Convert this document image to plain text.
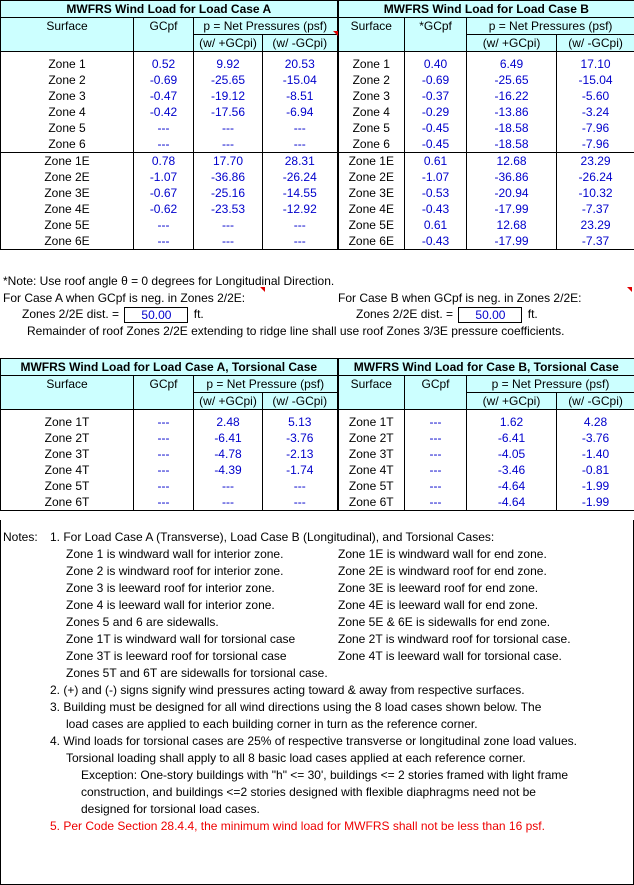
MWFRS Wind Load for Load Case A				MWFRS Wind Load for Load Case B			
Surface	GCpf	p = Net Pressures (psf)		Surface	*GCpf	p = Net Pressures (psf)	
		(w/ +GCpi)	(w/ -GCpi)			(w/ +GCpi)	(w/ -GCpi)

Zone 1	0.52	9.92	20.53	Zone 1	0.40	6.49	17.10
Zone 2	-0.69	-25.65	-15.04	Zone 2	-0.69	-25.65	-15.04
Zone 3	-0.47	-19.12	-8.51	Zone 3	-0.37	-16.22	-5.60
Zone 4	-0.42	-17.56	-6.94	Zone 4	-0.29	-13.86	-3.24
Zone 5	---	---	---	Zone 5	-0.45	-18.58	-7.96
Zone 6	---	---	---	Zone 6	-0.45	-18.58	-7.96
Zone 1E	0.78	17.70	28.31	Zone 1E	0.61	12.68	23.29
Zone 2E	-1.07	-36.86	-26.24	Zone 2E	-1.07	-36.86	-26.24
Zone 3E	-0.67	-25.16	-14.55	Zone 3E	-0.53	-20.94	-10.32
Zone 4E	-0.62	-23.53	-12.92	Zone 4E	-0.43	-17.99	-7.37
Zone 5E	---	---	---	Zone 5E	0.61	12.68	23.29
Zone 6E	---	---	---	Zone 6E	-0.43	-17.99	-7.37
*Note: Use roof angle θ = 0 degrees for Longitudinal Direction.
For Case A when GCpf is neg. in Zones 2/2E:	For Case B when GCpf is neg. in Zones 2/2E:
Zones 2/2E dist. = 50.00 ft.	Zones 2/2E dist. = 50.00 ft.
Remainder of roof Zones 2/2E extending to ridge line shall use roof Zones 3/3E pressure coefficients.
MWFRS Wind Load for Load Case A, Torsional Case				MWFRS Wind Load for Case B, Torsional Case			
Surface	GCpf	p = Net Pressure (psf)		Surface	GCpf	p = Net Pressure (psf)	
		(w/ +GCpi)	(w/ -GCpi)			(w/ +GCpi)	(w/ -GCpi)

Zone 1T	---	2.48	5.13	Zone 1T	---	1.62	4.28
Zone 2T	---	-6.41	-3.76	Zone 2T	---	-6.41	-3.76
Zone 3T	---	-4.78	-2.13	Zone 3T	---	-4.05	-1.40
Zone 4T	---	-4.39	-1.74	Zone 4T	---	-3.46	-0.81
Zone 5T	---	---	---	Zone 5T	---	-4.64	-1.99
Zone 6T	---	---	---	Zone 6T	---	-4.64	-1.99
Notes:	1. For Load Case A (Transverse), Load Case B (Longitudinal), and Torsional Cases:
Zone 1 is windward wall for interior zone.	Zone 1E is windward wall for end zone.
Zone 2 is windward roof for interior zone.	Zone 2E is windward roof for end zone.
Zone 3 is leeward roof for interior zone.	Zone 3E is leeward roof for end zone.
Zone 4 is leeward wall for interior zone.	Zone 4E is leeward wall for end zone.
Zones 5 and 6 are sidewalls.	Zone 5E & 6E is sidewalls for end zone.
Zone 1T is windward wall for torsional case	Zone 2T is windward roof for torsional case.
Zone 3T is leeward roof for torsional case	Zone 4T is leeward wall for torsional case.
Zones 5T and 6T are sidewalls for torsional case.
2. (+) and (-) signs signify wind pressures acting toward & away from respective surfaces.
3. Building must be designed for all wind directions using the 8 load cases shown below. The
load cases are applied to each building corner in turn as the reference corner.
4. Wind loads for torsional cases are 25% of respective transverse or longitudinal zone load values.
Torsional loading shall apply to all 8 basic load cases applied at each reference corner.
Exception: One-story buildings with "h" <= 30', buildings <= 2 stories framed with light frame
construction, and buildings <=2 stories designed with flexible diaphragms need not be
designed for torsional load cases.
5. Per Code Section 28.4.4, the minimum wind load for MWFRS shall not be less than 16 psf.
